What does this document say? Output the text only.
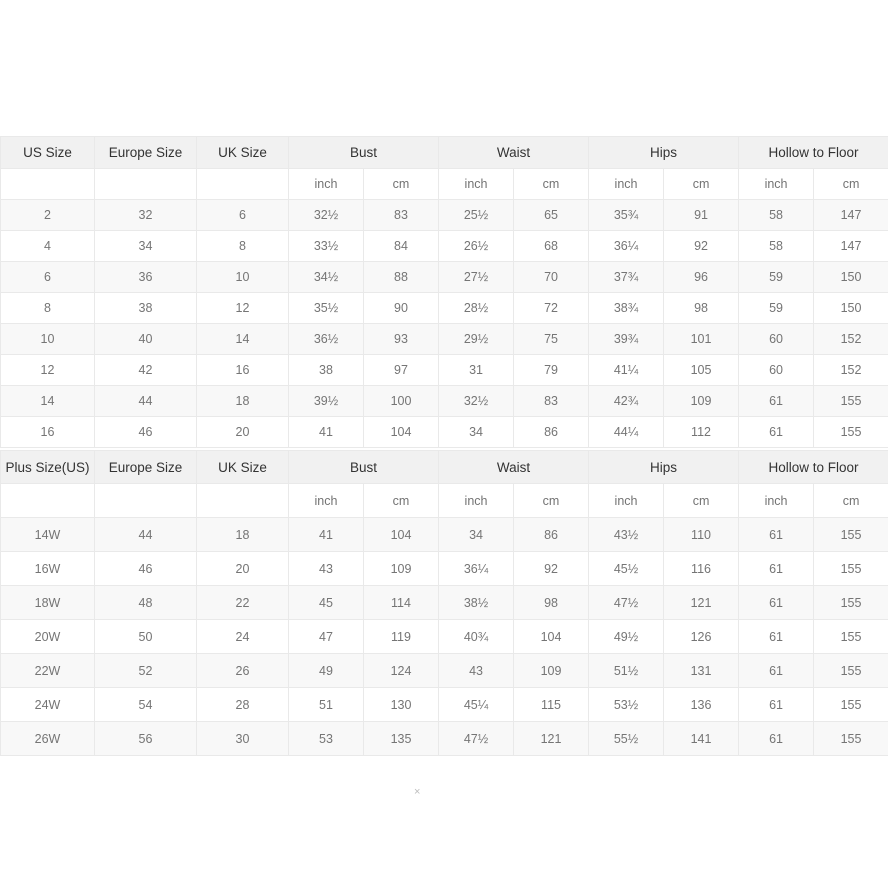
US Size	Europe Size	UK Size	Bust		Waist		Hips		Hollow to Floor	
			inch	cm	inch	cm	inch	cm	inch	cm
2	32	6	32½	83	25½	65	35¾	91	58	147
4	34	8	33½	84	26½	68	36¼	92	58	147
6	36	10	34½	88	27½	70	37¾	96	59	150
8	38	12	35½	90	28½	72	38¾	98	59	150
10	40	14	36½	93	29½	75	39¾	101	60	152
12	42	16	38	97	31	79	41¼	105	60	152
14	44	18	39½	100	32½	83	42¾	109	61	155
16	46	20	41	104	34	86	44¼	112	61	155
Plus Size(US)	Europe Size	UK Size	Bust		Waist		Hips		Hollow to Floor	
			inch	cm	inch	cm	inch	cm	inch	cm
14W	44	18	41	104	34	86	43½	110	61	155
16W	46	20	43	109	36¼	92	45½	116	61	155
18W	48	22	45	114	38½	98	47½	121	61	155
20W	50	24	47	119	40¾	104	49½	126	61	155
22W	52	26	49	124	43	109	51½	131	61	155
24W	54	28	51	130	45¼	115	53½	136	61	155
26W	56	30	53	135	47½	121	55½	141	61	155
×
